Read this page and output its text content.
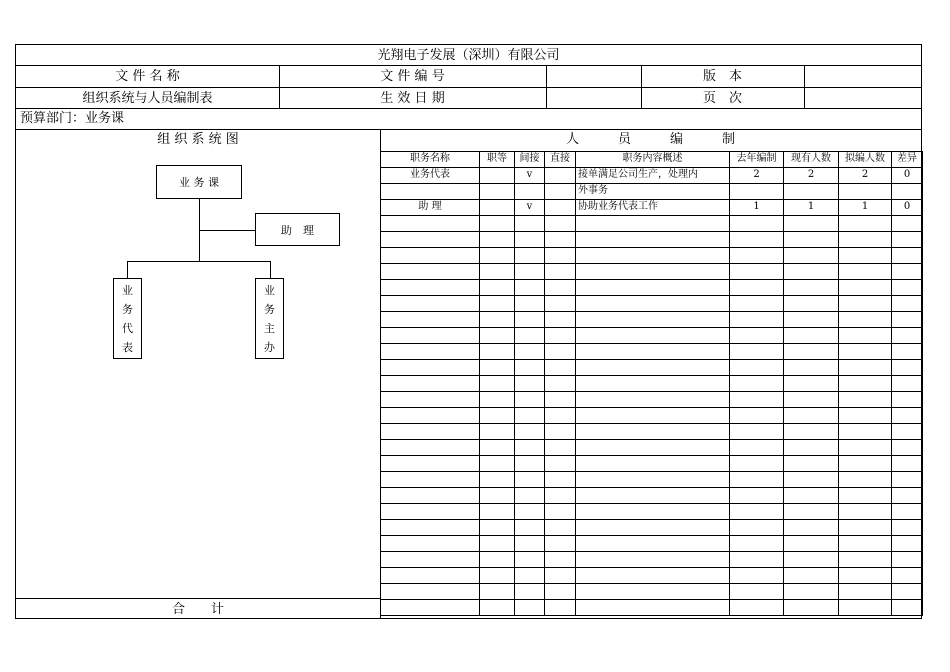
光翔电子发展（深圳）有限公司
文 件 名 称	文 件 编 号	版　本
组织系统与人员编制表	生 效 日 期	页　次
预算部门：业务课
组 织 系 统 图	人　　　员　　　编　　　制
合　　计
业 务 课
助　理
业
务
代
表
业
务
主
办
职务名称	职等	间接	直接	职务内容概述	去年编制	现有人数	拟编人数	差异
业务代表		v		接单满足公司生产，处理内	2	2	2	0
				外事务				
助 理		v		协助业务代表工作	1	1	1	0
